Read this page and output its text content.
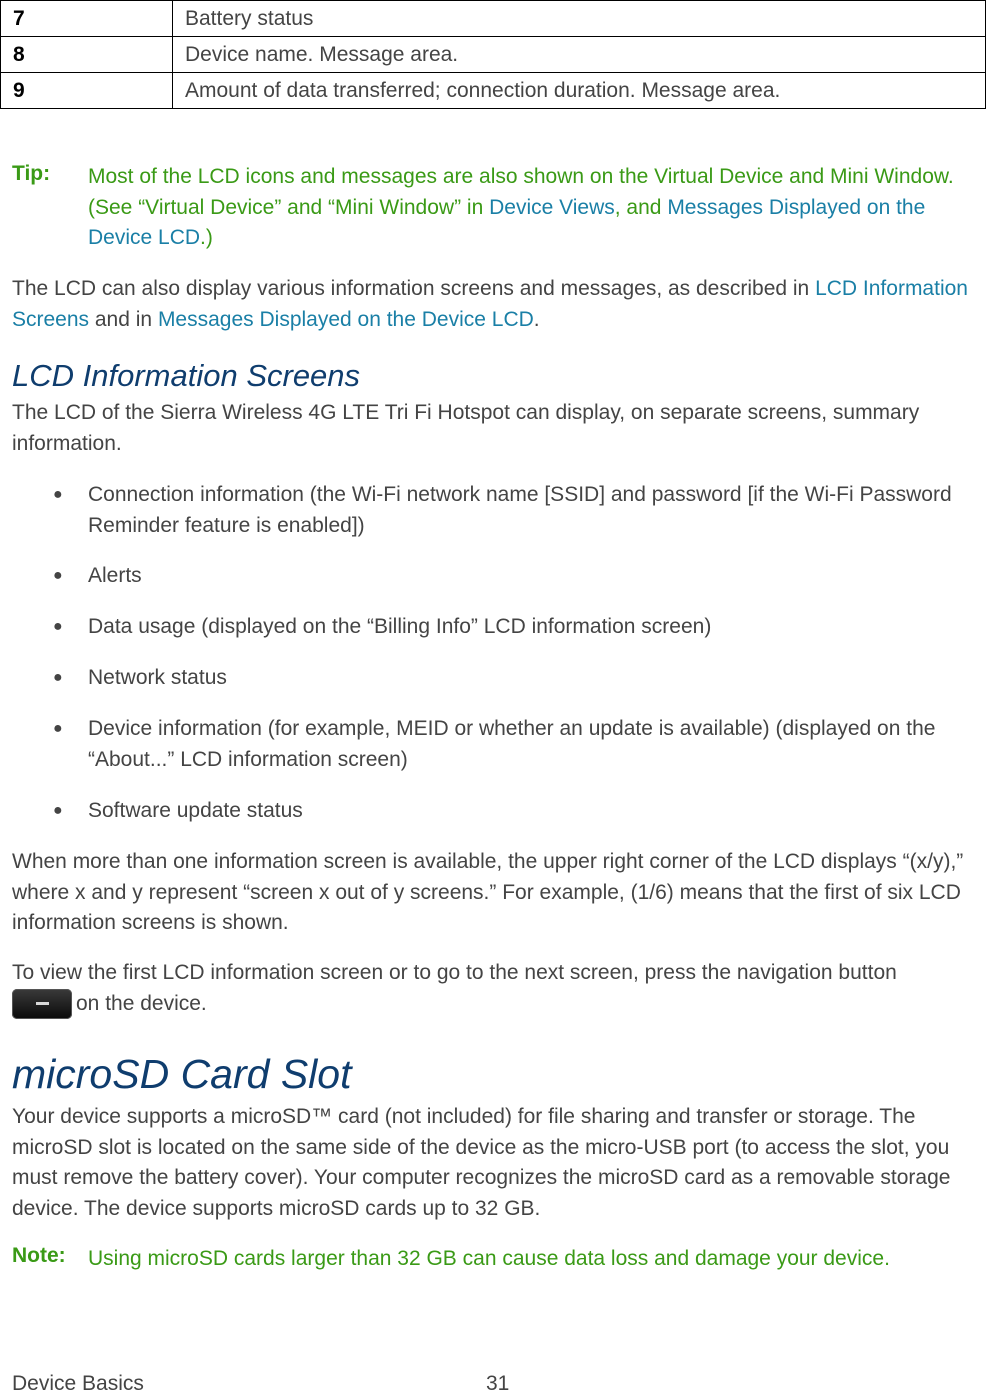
7	Battery status
8	Device name. Message area.
9	Amount of data transferred; connection duration. Message area.
Tip: Most of the LCD icons and messages are also shown on the Virtual Device and Mini Window. (See “Virtual Device” and “Mini Window” in Device Views, and Messages Displayed on the Device LCD.)

The LCD can also display various information screens and messages, as described in LCD Information Screens and in Messages Displayed on the Device LCD.

LCD Information Screens

The LCD of the Sierra Wireless 4G LTE Tri Fi Hotspot can display, on separate screens, summary information.

● Connection information (the Wi-Fi network name [SSID] and password [if the Wi-Fi Password Reminder feature is enabled])
● Alerts
● Data usage (displayed on the “Billing Info” LCD information screen)
● Network status
● Device information (for example, MEID or whether an update is available) (displayed on the “About...” LCD information screen)
● Software update status

When more than one information screen is available, the upper right corner of the LCD displays “(x/y),” where x and y represent “screen x out of y screens.” For example, (1/6) means that the first of six LCD information screens is shown.

To view the first LCD information screen or to go to the next screen, press the navigation button
on the device.

microSD Card Slot

Your device supports a microSD™ card (not included) for file sharing and transfer or storage. The microSD slot is located on the same side of the device as the micro-USB port (to access the slot, you must remove the battery cover). Your computer recognizes the microSD card as a removable storage device. The device supports microSD cards up to 32 GB.

Note: Using microSD cards larger than 32 GB can cause data loss and damage your device.
Device Basics	31
